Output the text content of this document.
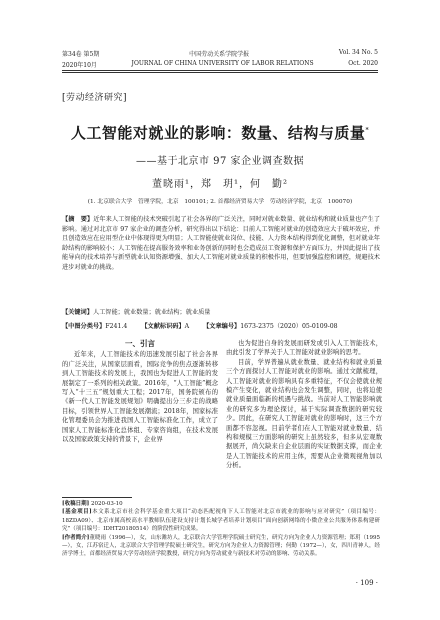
第34卷 第5期	中国劳动关系学院学报	Vol. 34 No. 5
2020年10月	JOURNAL OF CHINA UNIVERSITY OF LABOR RELATIONS	Oct. 2020
[劳动经济研究]
人工智能对就业的影响：数量、结构与质量*
——基于北京市 97 家企业调查数据
董晓雨¹，郑　玥¹，何　勤²
(1. 北京联合大学　管理学院，北京　100101; 2. 首都经济贸易大学　劳动经济学院，北京　100070)
【摘　要】近年来人工智能的技术突破引起了社会各界的广泛关注，同时对就业数量、就业结构和就业质量也产生了影响。通过对北京市 97 家企业的调查分析，研究得出以下结论：目前人工智能对就业的创造效应大于破坏效应，并且创造效应在应用型企业中体现得更为明显；人工智能使就业岗位、技能、人力资本结构得到优化调整，但对就业年龄结构的影响较小；人工智能在提高服务效率和业务创新的同时也会造成员工资源和保护方面压力，并因此提出了技能导向的技术培养与新型就业认知资源增强、加大人工智能对就业质量的积极作用，但要加强监控和调控，规避技术进步对就业的挑战。
【关键词】人工智能；就业数量；就业结构；就业质量
【中图分类号】F241.4 【文献标识码】A 【文章编号】1673-2375（2020）05-0109-08
一、引言

近年来，人工智能技术的迅速发展引起了社会各界的广泛关注，从国家层面看，国际竞争的焦点逐渐转移到人工智能技术的发展上，我国也为促进人工智能的发展制定了一系列的相关政策。2016年，“人工智能”概念写入“十三五”规划重大工程；2017年，国务院颁布的《新一代人工智能发展规划》明确提出分三步走的战略目标，引领世界人工智能发展潮流；2018年，国家标准化管理委员会为推进我国人工智能标准化工作，成立了国家人工智能标准化总体组、专家咨询组，在技术发展以及国家政策支持的背景下，企业界

也为促进自身的发展而研发或引入人工智能技术，由此引发了学界关于人工智能对就业影响的思考。

目前，学界普遍从就业数量、就业结构和就业质量三个方面探讨人工智能对就业的影响。通过文献梳理，人工智能对就业的影响具有多重特征，不仅会使就业规模产生变化，就业结构也会发生调整，同时，也将迫使就业质量面临新的机遇与挑战。当前对人工智能影响就业的研究多为理论探讨，基于实际调查数据的研究较少。因此，在研究人工智能对就业的影响时，这三个方面都不容忽视。目前学者们在人工智能对就业数量、结构和规模三方面影响的研究上虽然较多，但多从宏观数据展开，尚欠缺来自企业层面的实证数据支撑，而企业是人工智能技术的应用主体，需要从企业微观视角加以分析。

[收稿日期] 2020-03-10
[基金项目]本文系北京市社会科学基金重大项目“动态匹配视角下人工智能对北京市就业的影响与应对研究”（项目编号：18ZDA09）、北京市属高校高水平教师队伍建设支持计划长城学者培养计划项目“面向创新网络的小微企业公共服务体系构建研究”（项目编号：IDHT20180514）的阶段性研究成果。
[作者简介]董晓雨（1996—），女，山东潍坊人，北京联合大学管理学院硕士研究生，研究方向为企业人力资源管理；郑玥（1995—），女，江苏宿迁人，北京联合大学管理学院硕士研究生，研究方向为企业人力资源管理；何勤（1972—），女，四川青神人，经济学博士，首都经济贸易大学劳动经济学院教授，研究方向为劳动就业与新技术对劳动的影响、劳动关系。
· 109 ·
